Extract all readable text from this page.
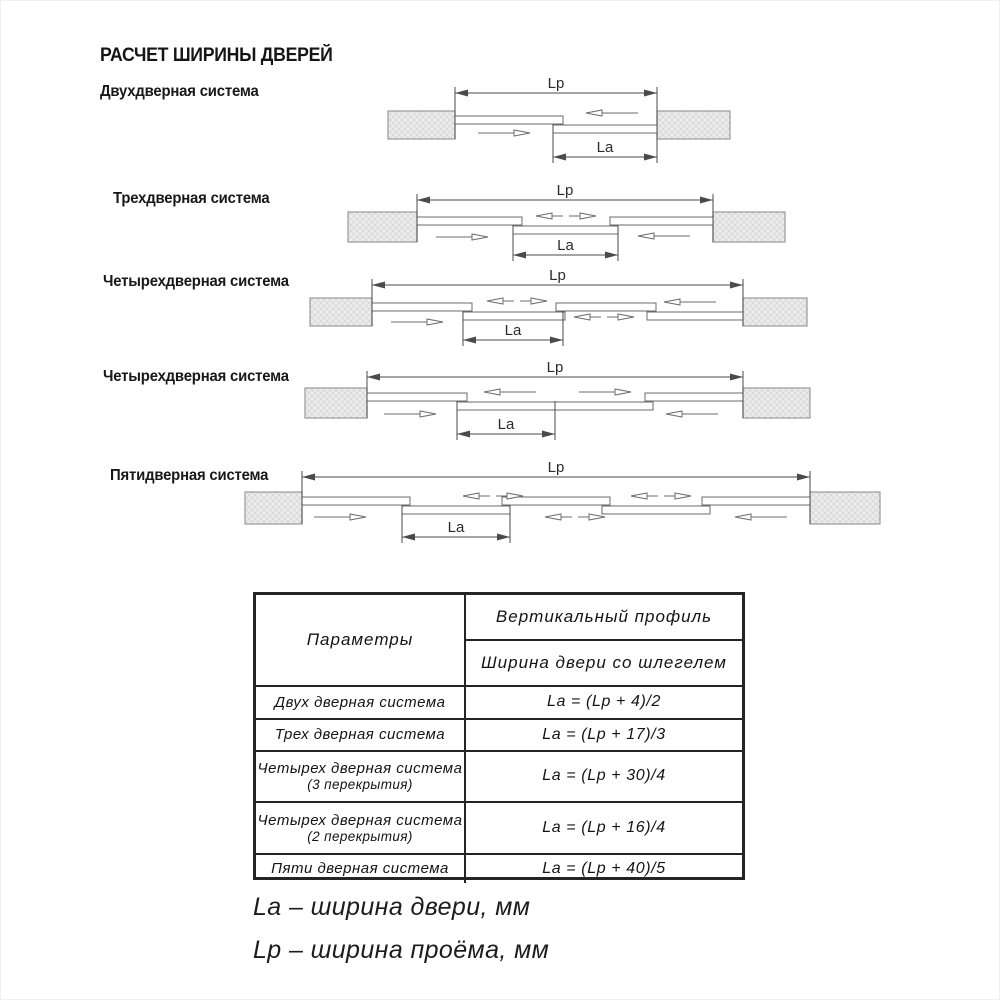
РАСЧЕТ ШИРИНЫ ДВЕРЕЙ
Двухдверная система
Трехдверная система
Четырехдверная система
Четырехдверная система
Пятидверная система
Lp
La
Lp
La
Lp
La
Lp
La
Lp
La
Параметры
Вертикальный профиль
Ширина двери со шлегелем
Двух дверная система	La = (Lp + 4)/2
Трех дверная система	La = (Lp + 17)/3
Четырех дверная система
(3 перекрытия)
La = (Lp + 30)/4
Четырех дверная система
(2 перекрытия)
La = (Lp + 16)/4
Пяти дверная система	La = (Lp + 40)/5
La – ширина двери, мм
Lp – ширина проёма, мм
